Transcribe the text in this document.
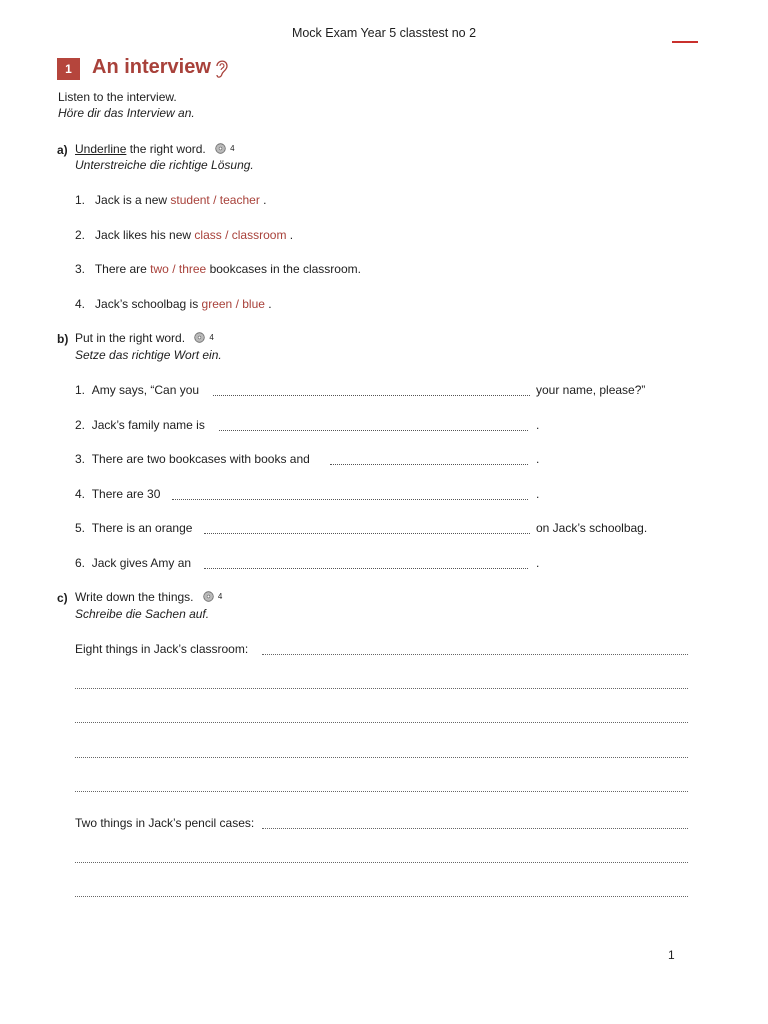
Mock Exam Year 5 classtest no 2
1	An interview
Listen to the interview.
Höre dir das Interview an.
a) Underline the right word.	4
Unterstreiche die richtige Lösung.
1. Jack is a new student / teacher .
2. Jack likes his new class / classroom .
3. There are two / three bookcases in the classroom.
4. Jack’s schoolbag is green / blue .
b) Put in the right word.	4
Setze das richtige Wort ein.
1. Amy says, “Can you	your name, please?”
2. Jack’s family name is	.
3. There are two bookcases with books and	.
4. There are 30	.
5. There is an orange	on Jack’s schoolbag.
6. Jack gives Amy an	.
c) Write down the things.	4
Schreibe die Sachen auf.
Eight things in Jack’s classroom:
Two things in Jack’s pencil cases:
1
